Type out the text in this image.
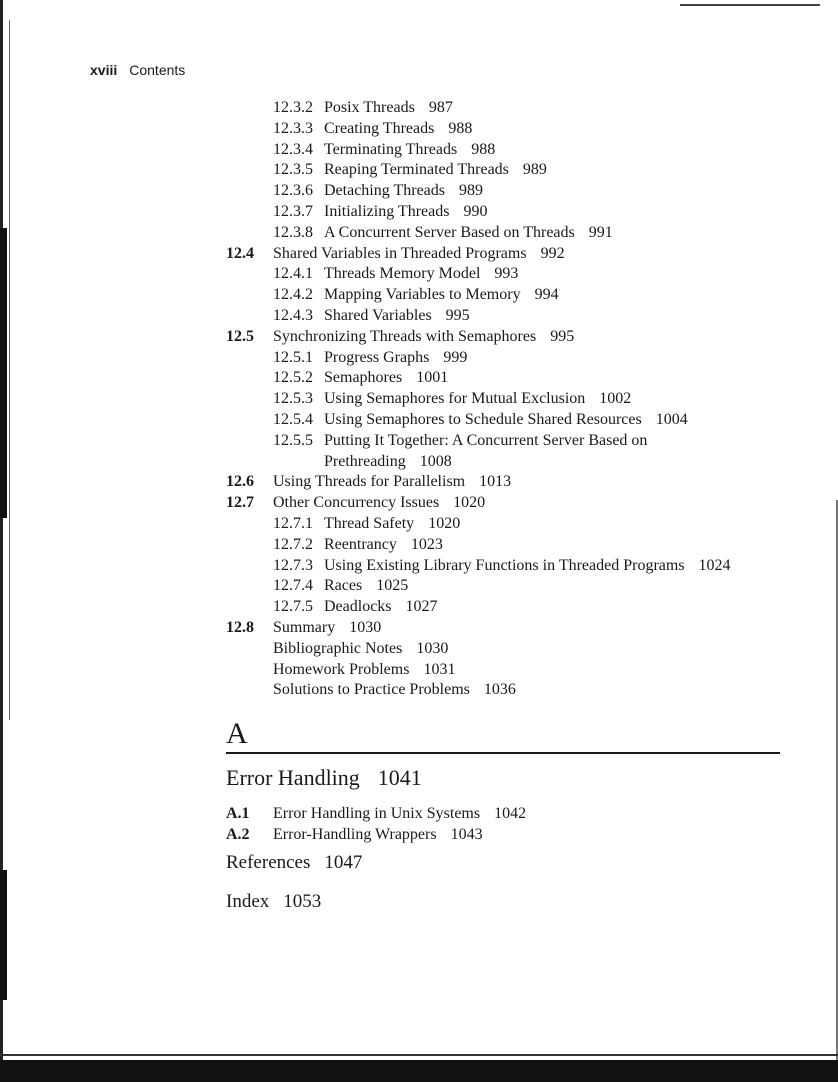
xviii Contents
12.3.2 Posix Threads 987
12.3.3 Creating Threads 988
12.3.4 Terminating Threads 988
12.3.5 Reaping Terminated Threads 989
12.3.6 Detaching Threads 989
12.3.7 Initializing Threads 990
12.3.8 A Concurrent Server Based on Threads 991
12.4 Shared Variables in Threaded Programs 992
12.4.1 Threads Memory Model 993
12.4.2 Mapping Variables to Memory 994
12.4.3 Shared Variables 995
12.5 Synchronizing Threads with Semaphores 995
12.5.1 Progress Graphs 999
12.5.2 Semaphores 1001
12.5.3 Using Semaphores for Mutual Exclusion 1002
12.5.4 Using Semaphores to Schedule Shared Resources 1004
12.5.5 Putting It Together: A Concurrent Server Based on
Prethreading 1008
12.6 Using Threads for Parallelism 1013
12.7 Other Concurrency Issues 1020
12.7.1 Thread Safety 1020
12.7.2 Reentrancy 1023
12.7.3 Using Existing Library Functions in Threaded Programs 1024
12.7.4 Races 1025
12.7.5 Deadlocks 1027
12.8 Summary 1030
Bibliographic Notes 1030
Homework Problems 1031
Solutions to Practice Problems 1036
A
Error Handling 1041
A.1 Error Handling in Unix Systems 1042
A.2 Error-Handling Wrappers 1043
References 1047
Index 1053
